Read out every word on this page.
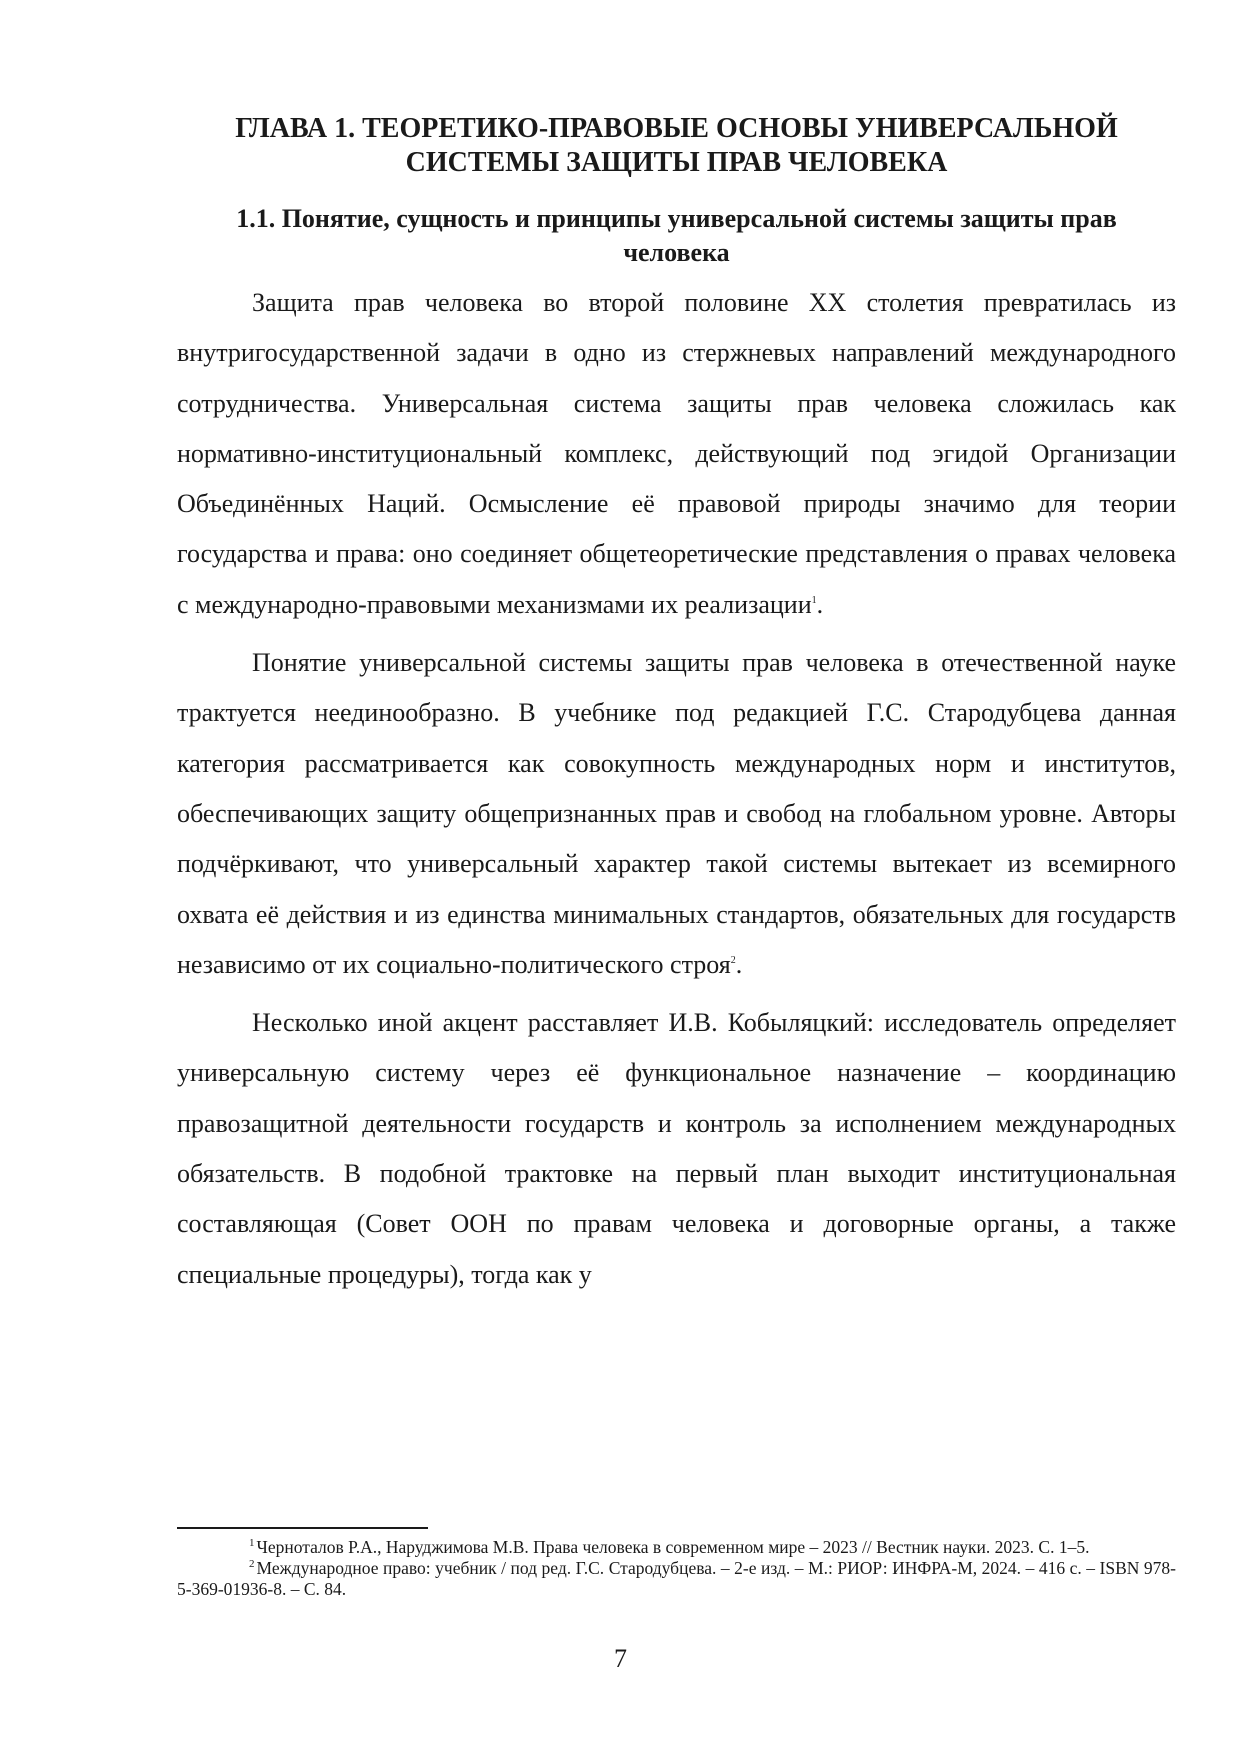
ГЛАВА 1. ТЕОРЕТИКО-ПРАВОВЫЕ ОСНОВЫ УНИВЕРСАЛЬНОЙ
СИСТЕМЫ ЗАЩИТЫ ПРАВ ЧЕЛОВЕКА
1.1. Понятие, сущность и принципы универсальной системы защиты прав
человека

Защита прав человека во второй половине XX столетия превратилась из внутригосударственной задачи в одно из стержневых направлений международного сотрудничества. Универсальная система защиты прав человека сложилась как нормативно-институциональный комплекс, действующий под эгидой Организации Объединённых Наций. Осмысление её правовой природы значимо для теории государства и права: оно соединяет общетеоретические представления о правах человека с международно-правовыми механизмами их реализации$^1$.

Понятие универсальной системы защиты прав человека в отечественной науке трактуется неединообразно. В учебнике под редакцией Г.С. Стародубцева данная категория рассматривается как совокупность международных норм и институтов, обеспечивающих защиту общепризнанных прав и свобод на глобальном уровне. Авторы подчёркивают, что универсальный характер такой системы вытекает из всемирного охвата её действия и из единства минимальных стандартов, обязательных для государств независимо от их социально-политического строя$^2$.

Несколько иной акцент расставляет И.В. Кобыляцкий: исследователь определяет универсальную систему через её функциональное назначение – координацию правозащитной деятельности государств и контроль за исполнением международных обязательств. В подобной трактовке на первый план выходит институциональная составляющая (Совет ООН по правам человека и договорные органы, а также специальные процедуры), тогда как у

$^1$ Черноталов Р.А., Наруджимова М.В. Права человека в современном мире – 2023 // Вестник науки. 2023. С. 1–5.

$^2$ Международное право: учебник / под ред. Г.С. Стародубцева. – 2-е изд. – М.: РИОР: ИНФРА-М, 2024. – 416 с. – ISBN 978-5-369-01936-8. – С. 84.

7
